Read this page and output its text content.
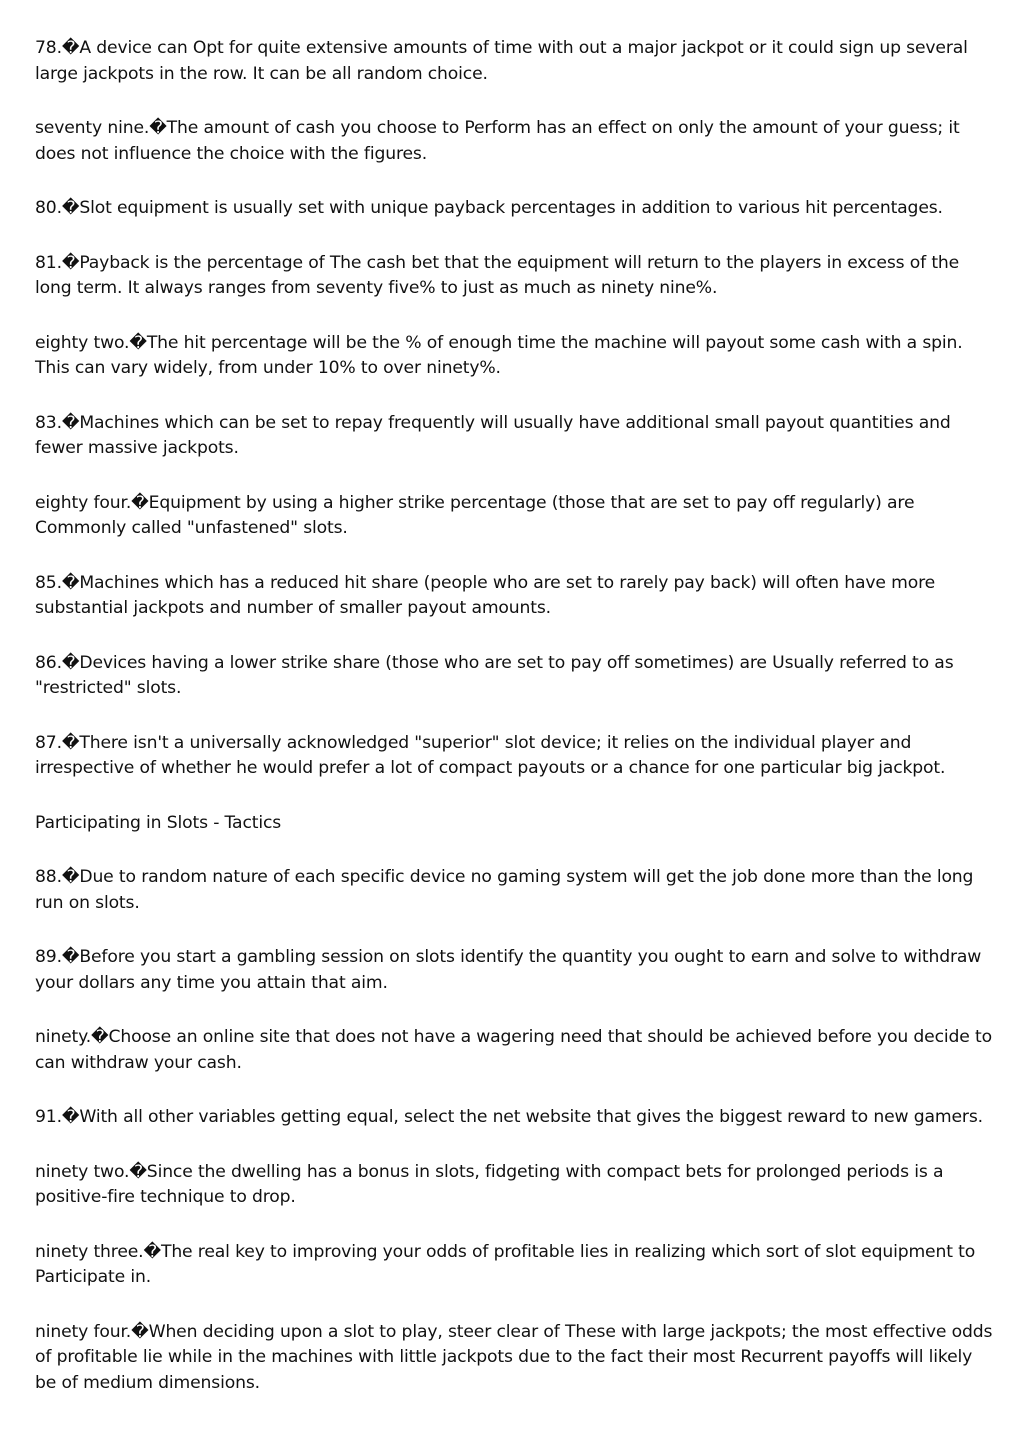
78.�A device can Opt for quite extensive amounts of time with out a major jackpot or it could sign up several large jackpots in the row. It can be all random choice.

seventy nine.�The amount of cash you choose to Perform has an effect on only the amount of your guess; it does not influence the choice with the figures.

80.�Slot equipment is usually set with unique payback percentages in addition to various hit percentages.

81.�Payback is the percentage of The cash bet that the equipment will return to the players in excess of the long term. It always ranges from seventy five% to just as much as ninety nine%.

eighty two.�The hit percentage will be the % of enough time the machine will payout some cash with a spin. This can vary widely, from under 10% to over ninety%.

83.�Machines which can be set to repay frequently will usually have additional small payout quantities and fewer massive jackpots.

eighty four.�Equipment by using a higher strike percentage (those that are set to pay off regularly) are Commonly called "unfastened" slots.

85.�Machines which has a reduced hit share (people who are set to rarely pay back) will often have more substantial jackpots and number of smaller payout amounts.

86.�Devices having a lower strike share (those who are set to pay off sometimes) are Usually referred to as "restricted" slots.

87.�There isn't a universally acknowledged "superior" slot device; it relies on the individual player and irrespective of whether he would prefer a lot of compact payouts or a chance for one particular big jackpot.

Participating in Slots - Tactics

88.�Due to random nature of each specific device no gaming system will get the job done more than the long run on slots.

89.�Before you start a gambling session on slots identify the quantity you ought to earn and solve to withdraw your dollars any time you attain that aim.

ninety.�Choose an online site that does not have a wagering need that should be achieved before you decide to can withdraw your cash.

91.�With all other variables getting equal, select the net website that gives the biggest reward to new gamers.

ninety two.�Since the dwelling has a bonus in slots, fidgeting with compact bets for prolonged periods is a positive-fire technique to drop.

ninety three.�The real key to improving your odds of profitable lies in realizing which sort of slot equipment to Participate in.

ninety four.�When deciding upon a slot to play, steer clear of These with large jackpots; the most effective odds of profitable lie while in the machines with little jackpots due to the fact their most Recurrent payoffs will likely be of medium dimensions.
